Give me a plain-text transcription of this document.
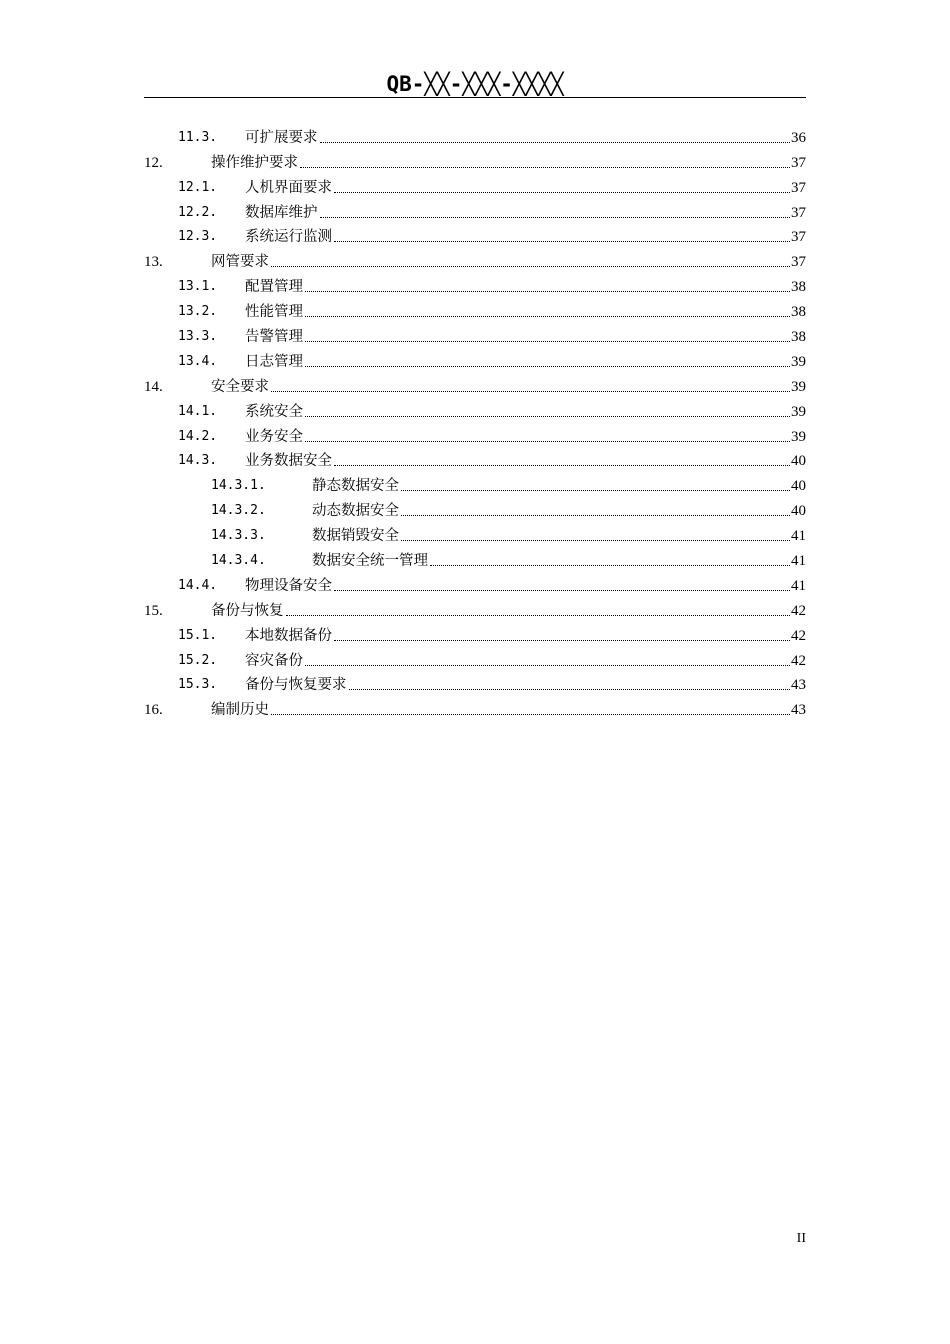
QB-╳╳-╳╳╳-╳╳╳╳
11.3. 可扩展要求	36
12.	操作维护要求	37
12.1. 人机界面要求	37
12.2. 数据库维护	37
12.3. 系统运行监测	37
13.	网管要求	37
13.1. 配置管理	38
13.2. 性能管理	38
13.3. 告警管理	38
13.4. 日志管理	39
14.	安全要求	39
14.1. 系统安全	39
14.2. 业务安全	39
14.3. 业务数据安全	40
14.3.1.	静态数据安全	40
14.3.2.	动态数据安全	40
14.3.3.	数据销毁安全	41
14.3.4.	数据安全统一管理	41
14.4. 物理设备安全	41
15.	备份与恢复	42
15.1. 本地数据备份	42
15.2. 容灾备份	42
15.3. 备份与恢复要求	43
16.	编制历史	43
II
